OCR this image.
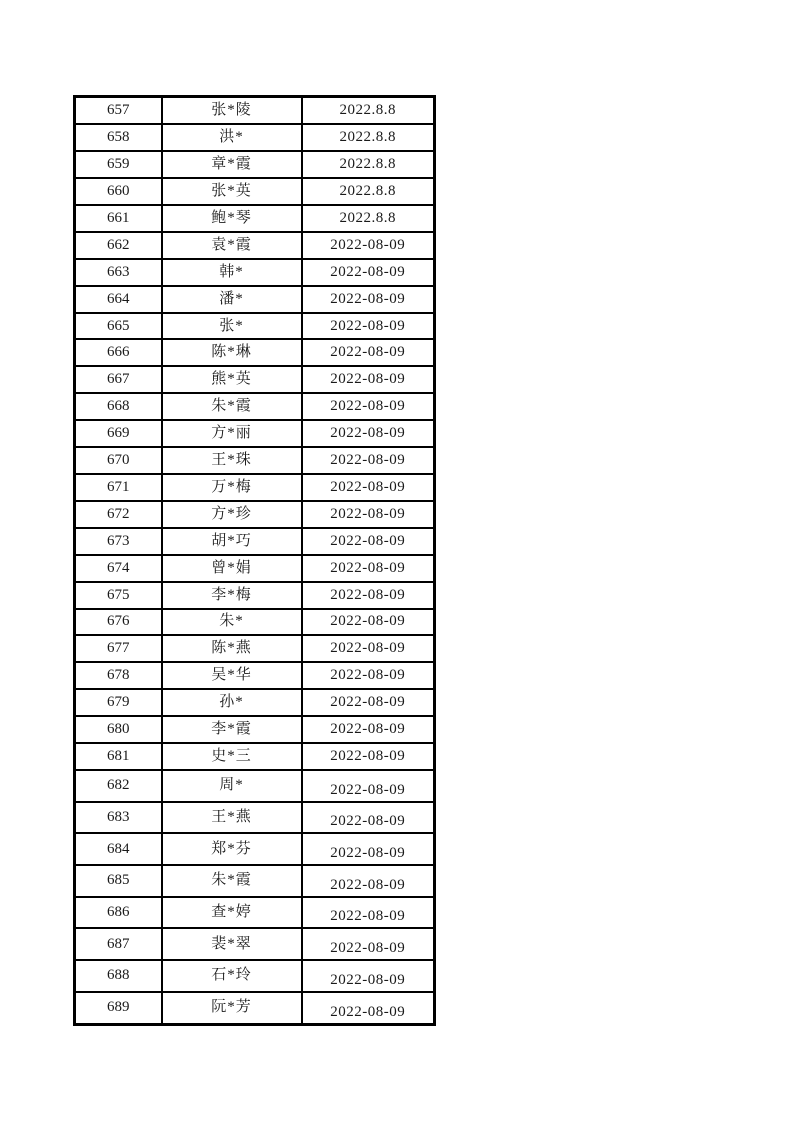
657	张*陵	2022.8.8
658	洪*	2022.8.8
659	章*霞	2022.8.8
660	张*英	2022.8.8
661	鲍*琴	2022.8.8
662	袁*霞	2022-08-09
663	韩*	2022-08-09
664	潘*	2022-08-09
665	张*	2022-08-09
666	陈*琳	2022-08-09
667	熊*英	2022-08-09
668	朱*霞	2022-08-09
669	方*丽	2022-08-09
670	王*珠	2022-08-09
671	万*梅	2022-08-09
672	方*珍	2022-08-09
673	胡*巧	2022-08-09
674	曾*娟	2022-08-09
675	李*梅	2022-08-09
676	朱*	2022-08-09
677	陈*燕	2022-08-09
678	吴*华	2022-08-09
679	孙*	2022-08-09
680	李*霞	2022-08-09
681	史*三	2022-08-09
682	周*	2022-08-09
683	王*燕	2022-08-09
684	郑*芬	2022-08-09
685	朱*霞	2022-08-09
686	查*婷	2022-08-09
687	裴*翠	2022-08-09
688	石*玲	2022-08-09
689	阮*芳	2022-08-09
